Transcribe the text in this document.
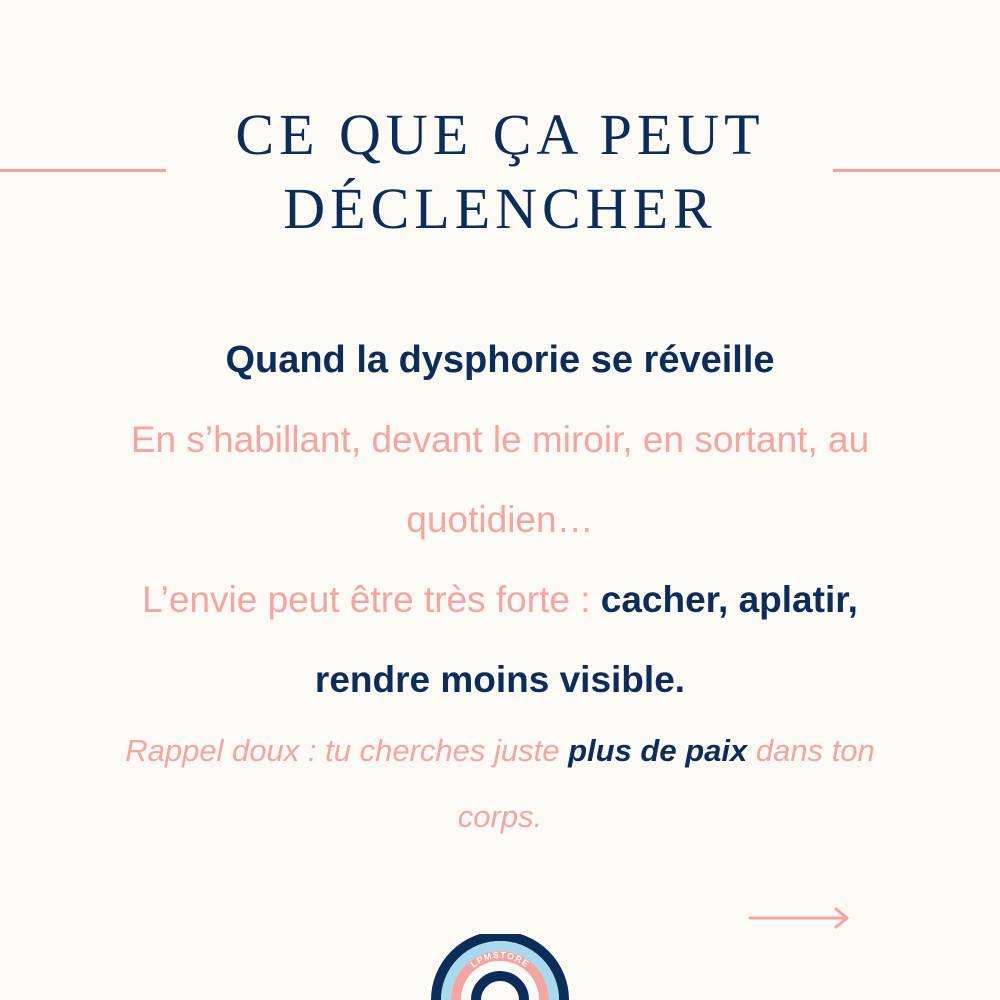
CE QUE ÇA PEUT
DÉCLENCHER
Quand la dysphorie se réveille
En s’habillant, devant le miroir, en sortant, au quotidien…
L’envie peut être très forte : cacher, aplatir, rendre moins visible.
Rappel doux : tu cherches juste plus de paix dans ton corps.
LPMSTORE
